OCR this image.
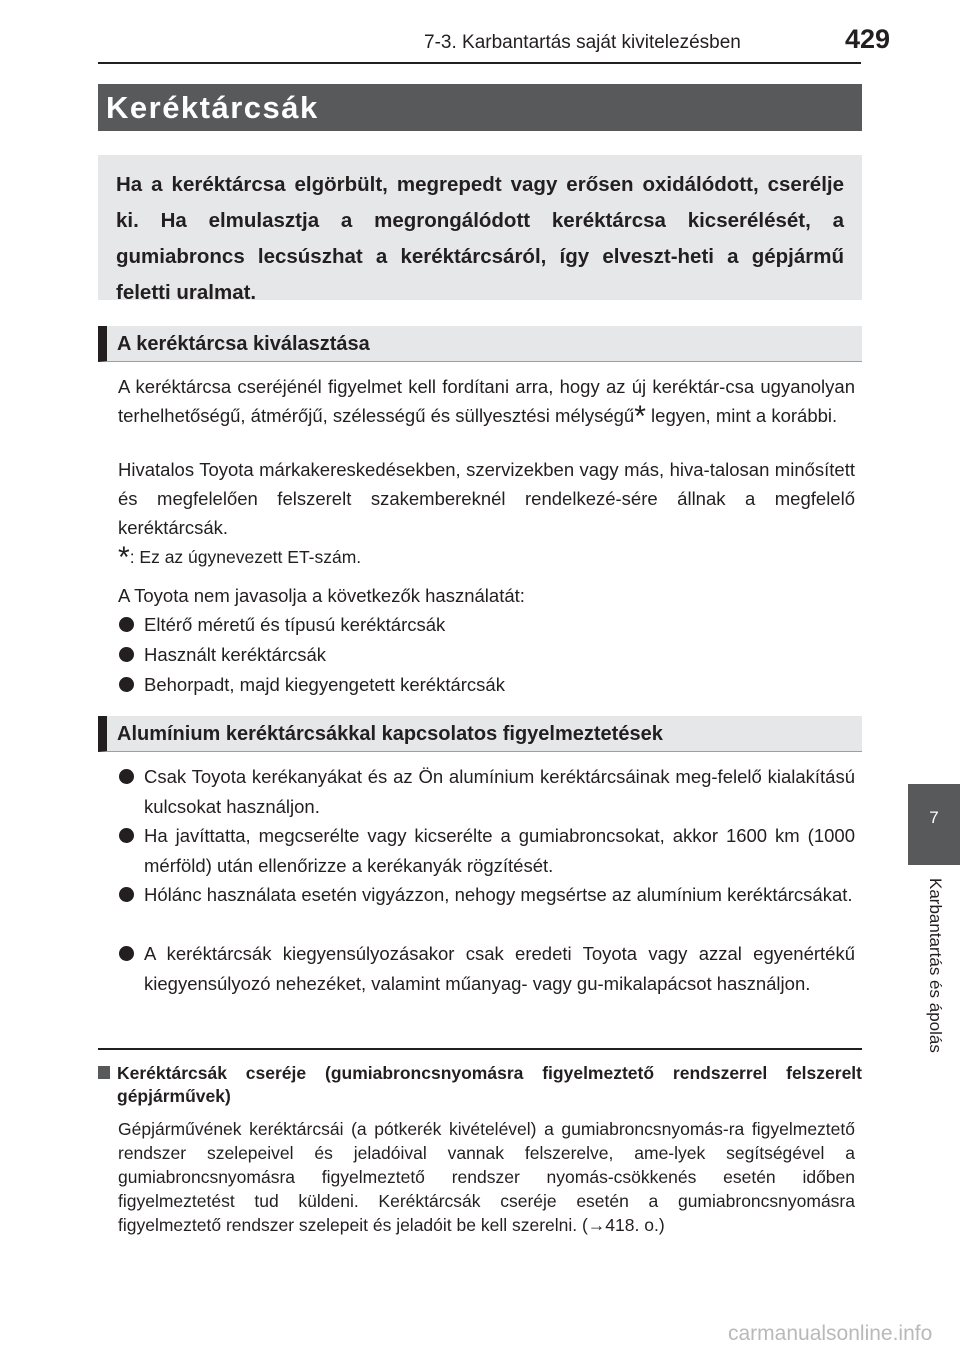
7-3. Karbantartás saját kivitelezésben	429
Keréktárcsák
Ha a keréktárcsa elgörbült, megrepedt vagy erősen oxidálódott, cserélje ki. Ha elmulasztja a megrongálódott keréktárcsa kicserélését, a gumiabroncs lecsúszhat a keréktárcsáról, így elveszt-heti a gépjármű feletti uralmat.
A keréktárcsa kiválasztása
A keréktárcsa cseréjénél figyelmet kell fordítani arra, hogy az új keréktár-csa ugyanolyan terhelhetőségű, átmérőjű, szélességű és süllyesztési mélységű* legyen, mint a korábbi.
Hivatalos Toyota márkakereskedésekben, szervizekben vagy más, hiva-talosan minősített és megfelelően felszerelt szakembereknél rendelkezé-sére állnak a megfelelő keréktárcsák.
*: Ez az úgynevezett ET-szám.
A Toyota nem javasolja a következők használatát:
Eltérő méretű és típusú keréktárcsák
Használt keréktárcsák
Behorpadt, majd kiegyengetett keréktárcsák
Alumínium keréktárcsákkal kapcsolatos figyelmeztetések
Csak Toyota kerékanyákat és az Ön alumínium keréktárcsáinak meg-felelő kialakítású kulcsokat használjon.
Ha javíttatta, megcserélte vagy kicserélte a gumiabroncsokat, akkor 1600 km (1000 mérföld) után ellenőrizze a kerékanyák rögzítését.
Hólánc használata esetén vigyázzon, nehogy megsértse az alumínium keréktárcsákat.
A keréktárcsák kiegyensúlyozásakor csak eredeti Toyota vagy azzal egyenértékű kiegyensúlyozó nehezéket, valamint műanyag- vagy gu-mikalapácsot használjon.
Keréktárcsák cseréje (gumiabroncsnyomásra figyelmeztető rendszerrel felszerelt gépjárművek)
Gépjárművének keréktárcsái (a pótkerék kivételével) a gumiabroncsnyomás-ra figyelmeztető rendszer szelepeivel és jeladóival vannak felszerelve, ame-lyek segítségével a gumiabroncsnyomásra figyelmeztető rendszer nyomás-csökkenés esetén időben figyelmeztetést tud küldeni. Keréktárcsák cseréje esetén a gumiabroncsnyomásra figyelmeztető rendszer szelepeit és jeladóit be kell szerelni. (→418. o.)
7
Karbantartás és ápolás
carmanualsonline.info
